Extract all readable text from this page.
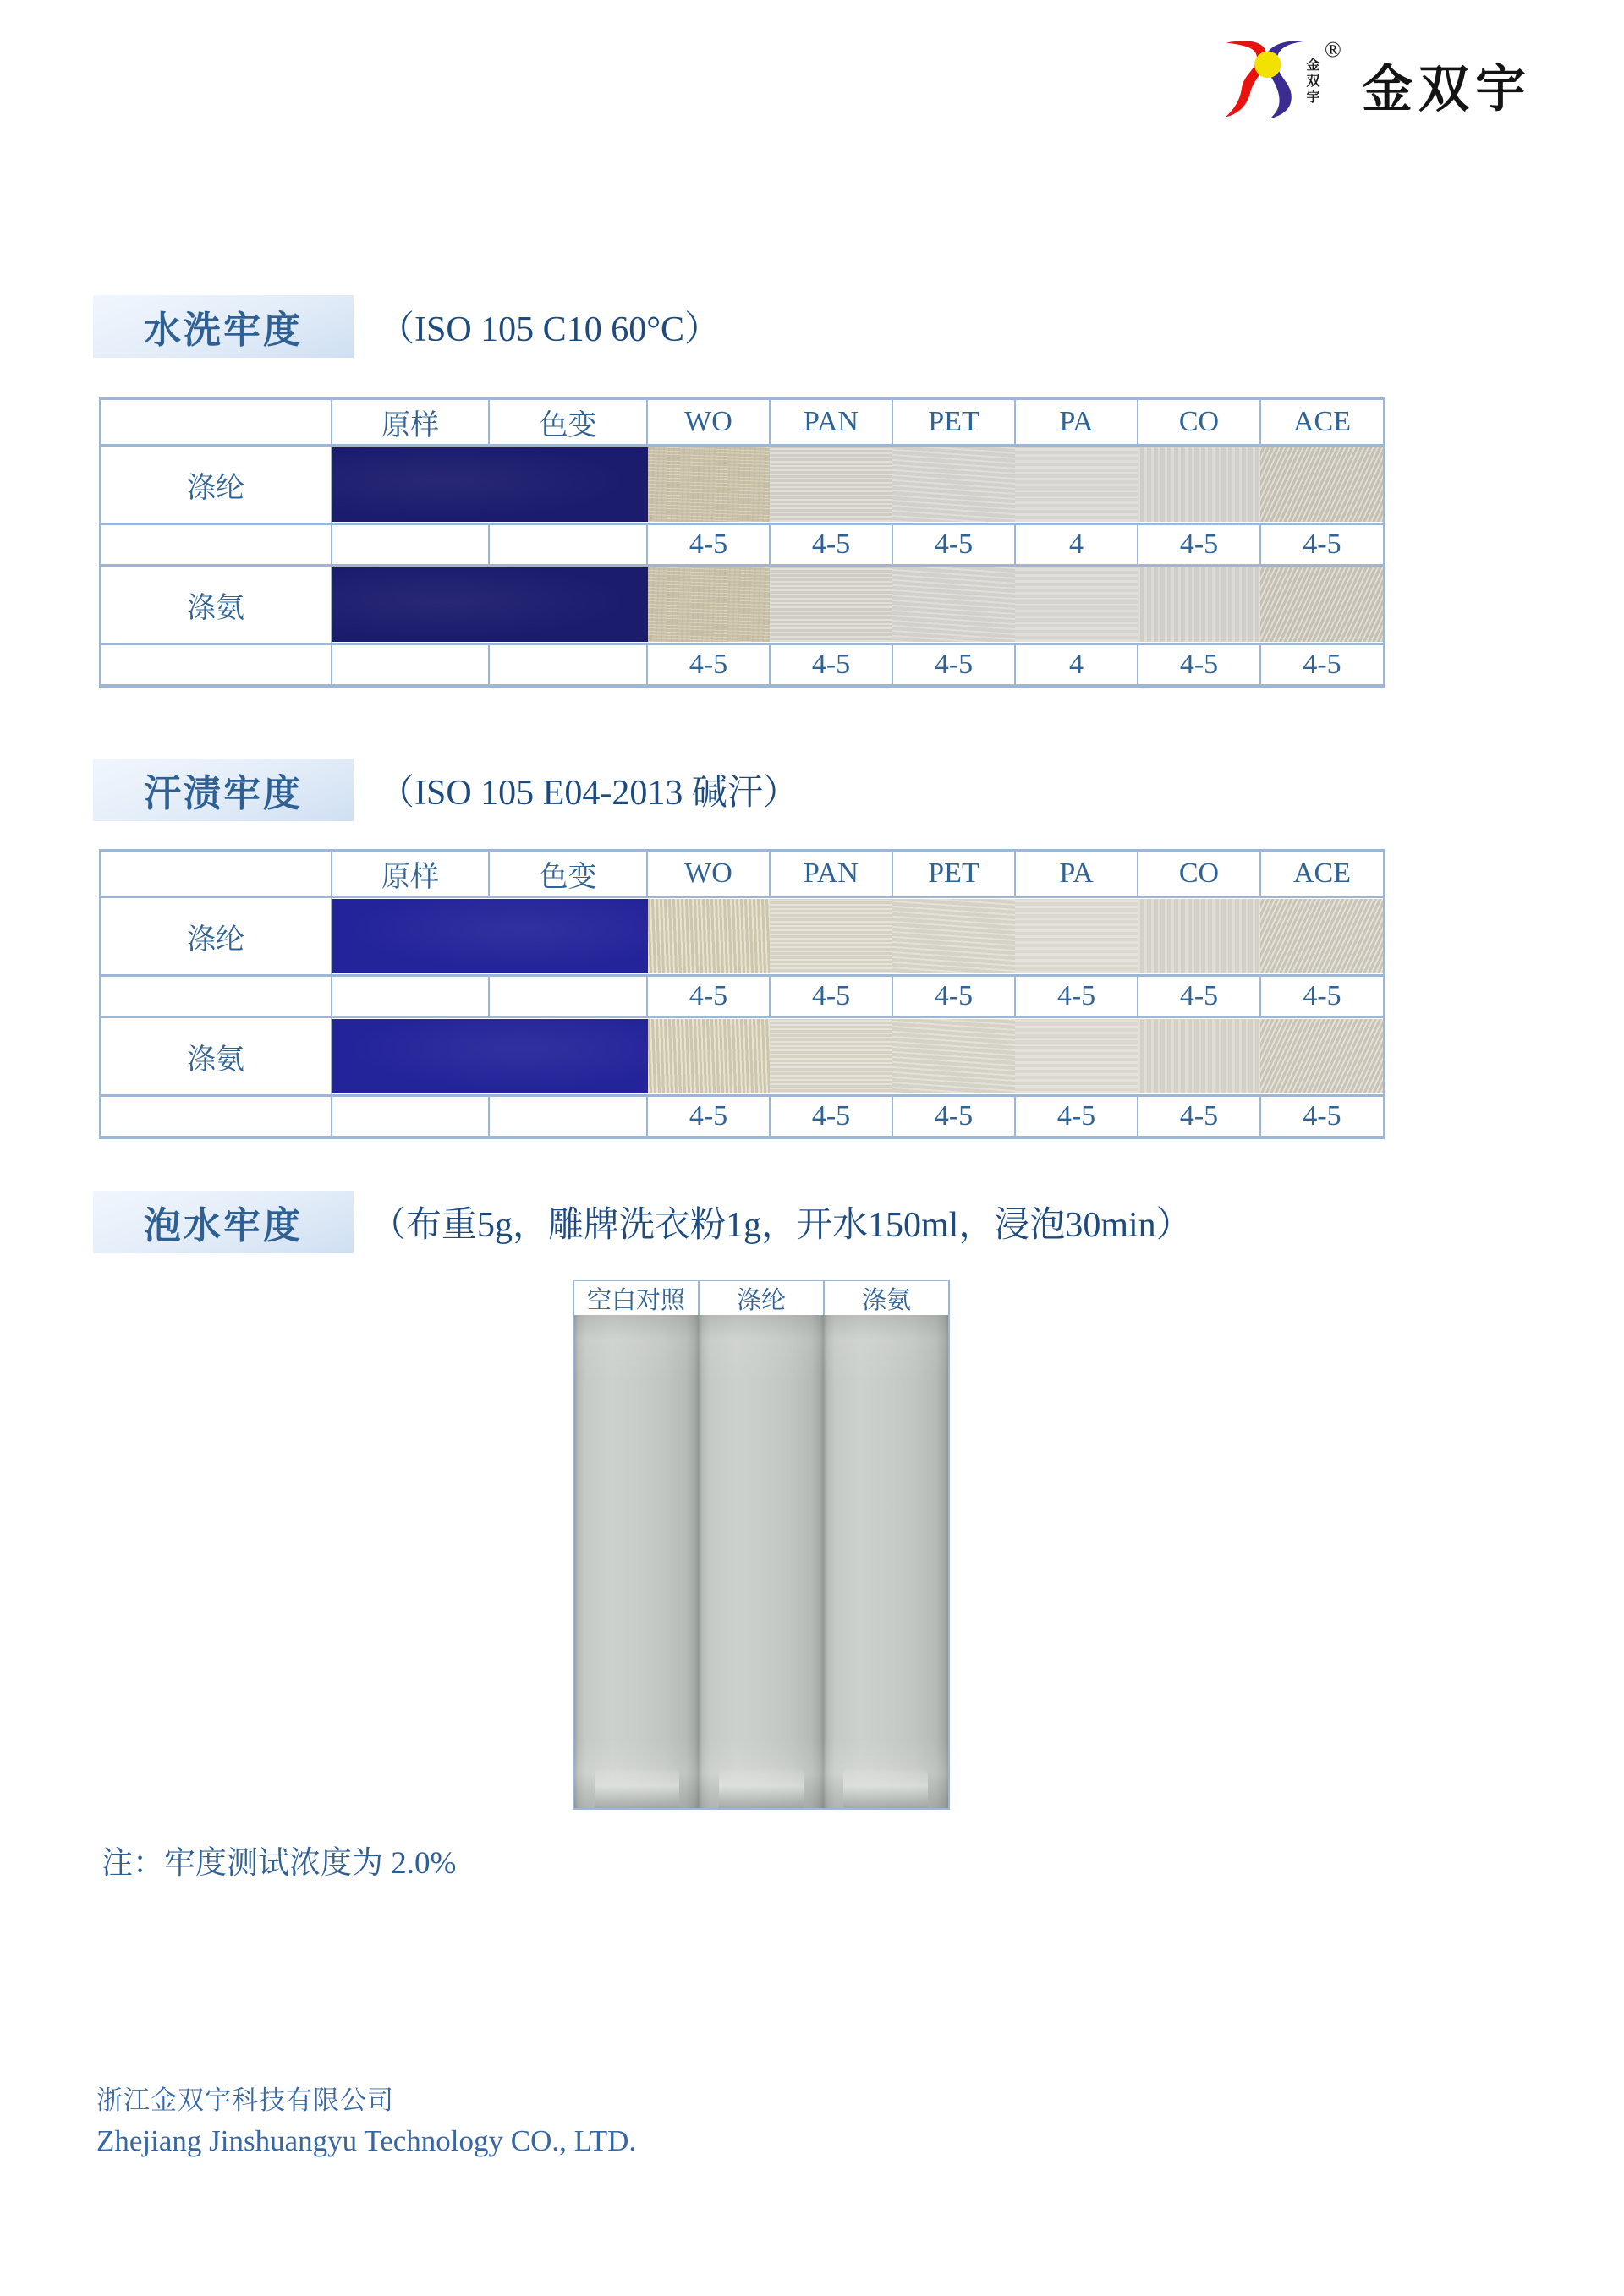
金双宇
®
金双宇
水洗牢度 （ISO 105 C10 60°C）
	原样	色变	WO	PAN	PET	PA	CO	ACE
涤纶								

			4-5	4-5	4-5	4	4-5	4-5
涤氨								

			4-5	4-5	4-5	4	4-5	4-5
汗渍牢度 （ISO 105 E04-2013 碱汗）
	原样	色变	WO	PAN	PET	PA	CO	ACE
涤纶								

			4-5	4-5	4-5	4-5	4-5	4-5
涤氨								

			4-5	4-5	4-5	4-5	4-5	4-5
泡水牢度 （布重5g，雕牌洗衣粉1g，开水150ml，浸泡30min）
空白对照	涤纶	涤氨
注：牢度测试浓度为 2.0%
浙江金双宇科技有限公司
Zhejiang Jinshuangyu Technology CO., LTD.
